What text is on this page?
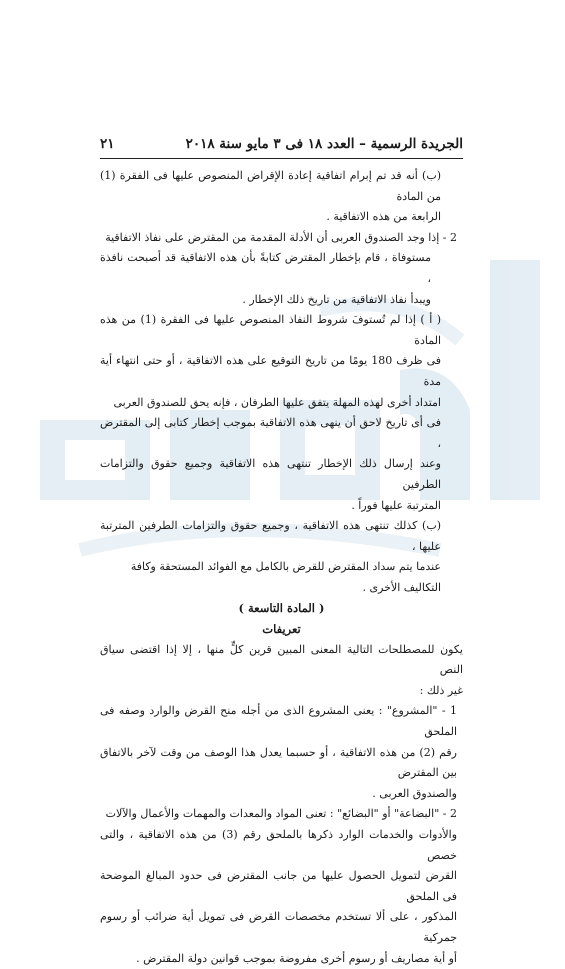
الجريدة الرسمية – العدد ١٨ فى ٣ مايو سنة ٢٠١٨
٢١

(ب) أنه قد تم إبرام اتفاقية إعادة الإقراض المنصوص عليها فى الفقرة (1) من المادة
الرابعة من هذه الاتفاقية .

2 - إذا وجد الصندوق العربى أن الأدلة المقدمة من المقترض على نفاذ الاتفاقية
مستوفاة ، قام بإخطار المقترض كتابةً بأن هذه الاتفاقية قد أصبحت نافذة ،
ويبدأ نفاذ الاتفاقية من تاريخ ذلك الإخطار .

( أ ) إذا لم تُستوفَ شروط النفاذ المنصوص عليها فى الفقرة (1) من هذه المادة
فى ظرف 180 يومًا من تاريخ التوقيع على هذه الاتفاقية ، أو حتى انتهاء أية مدة
امتداد أخرى لهذه المهلة يتفق عليها الطرفان ، فإنه يحق للصندوق العربى
فى أى تاريخ لاحق أن ينهى هذه الاتفاقية بموجب إخطار كتابى إلى المقترض ،
وعند إرسال ذلك الإخطار تنتهى هذه الاتفاقية وجميع حقوق والتزامات الطرفين
المترتبة عليها فوراً .

(ب) كذلك تنتهى هذه الاتفاقية ، وجميع حقوق والتزامات الطرفين المترتبة عليها ،
عندما يتم سداد المقترض للقرض بالكامل مع الفوائد المستحقة وكافة
التكاليف الأخرى .

( المادة التاسعة )

تعريفات

يكون للمصطلحات التالية المعنى المبين قرين كلٍّ منها ، إلا إذا اقتضى سياق النص
غير ذلك :

1 - "المشروع" : يعنى المشروع الذى من أجله منح القرض والوارد وصفه فى الملحق
رقم (2) من هذه الاتفاقية ، أو حسبما يعدل هذا الوصف من وقت لآخر بالاتفاق بين المقترض
والصندوق العربى .

2 - "البضاعة" أو "البضائع" : تعنى المواد والمعدات والمهمات والأعمال والآلات
والأدوات والخدمات الوارد ذكرها بالملحق رقم (3) من هذه الاتفاقية ، والتى خصص
القرض لتمويل الحصول عليها من جانب المقترض فى حدود المبالغ الموضحة فى الملحق
المذكور ، على ألا تستخدم مخصصات القرض فى تمويل أية ضرائب أو رسوم جمركية
أو أية مصاريف أو رسوم أخرى مفروضة بموجب قوانين دولة المقترض .
